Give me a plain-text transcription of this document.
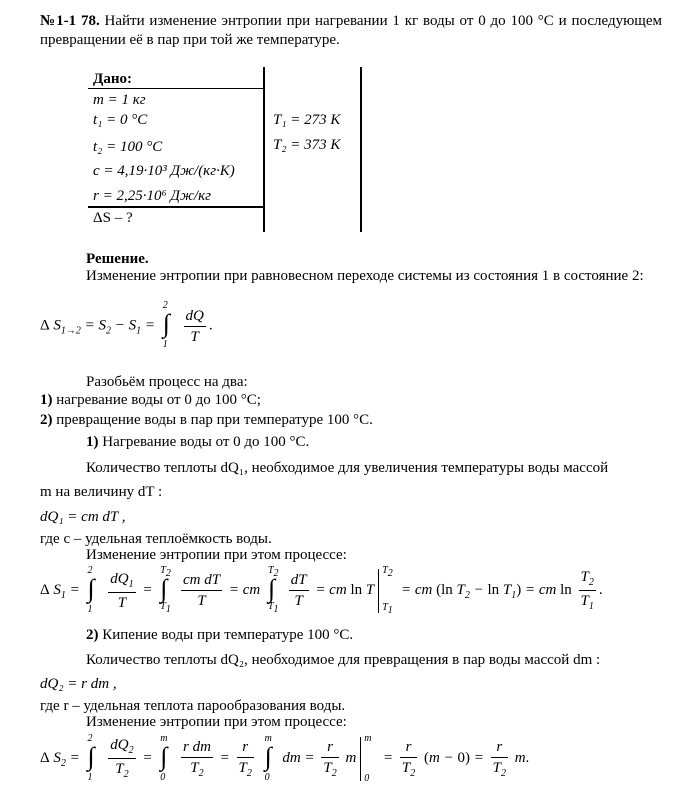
№1-1 78. Найти изменение энтропии при нагревании 1 кг воды от 0 до 100 °С и последующем превращении её в пар при той же температуре.
Дано:
m = 1 кг
t₁ = 0 °C
t₂ = 100 °C
c = 4,19·10³ Дж/(кг·К)
r = 2,25·10⁶ Дж/кг
ΔS – ?
T₁ = 273 К
T₂ = 373 К
Решение.
Изменение энтропии при равновесном переходе системы из состояния 1 в состояние 2:
Δ $S_{1\to 2} = S_2 - S_1$ =
2
∫
1
$\frac{dQ}{T}$ .
Разобьём процесс на два:
1) нагревание воды от 0 до 100 °C;
2) превращение воды в пар при температуре 100 °C.
1) Нагревание воды от 0 до 100 °C.
Количество теплоты dQ₁, необходимое для увеличения температуры воды массой
m на величину dT :
dQ₁ = cm dT ,
где c – удельная теплоёмкость воды.
Изменение энтропии при этом процессе:
Δ $S_1$ =
2
∫
1
$\frac{dQ_1}{T}$ =
$T_2$
∫
$T_1$
$\frac{\text{cm dT}}{T}$ = cm
$T_2$
∫
$T_1$
$\frac{dT}{T}$ = cm ln T
$T_2$
$T_1$
= cm (ln $T_2 - \ln T_1$) = cm $\ln \frac{T_2}{T_1}$ .
2) Кипение воды при температуре 100 °C.
Количество теплоты dQ₂, необходимое для превращения в пар воды массой dm :
dQ₂ = r dm ,
где r – удельная теплота парообразования воды.
Изменение энтропии при этом процессе:
Δ $S_2$ =
2
∫
1
$\frac{dQ_2}{T_2}$ =
m
∫
0
$\frac{\text{r dm}}{T_2} = \frac{r}{T_2}$
m
∫
0
dm = $\frac{r}{T_2}$ m
m
0
= $\frac{r}{T_2} (m - 0) = \frac{r}{T_2} m$.
